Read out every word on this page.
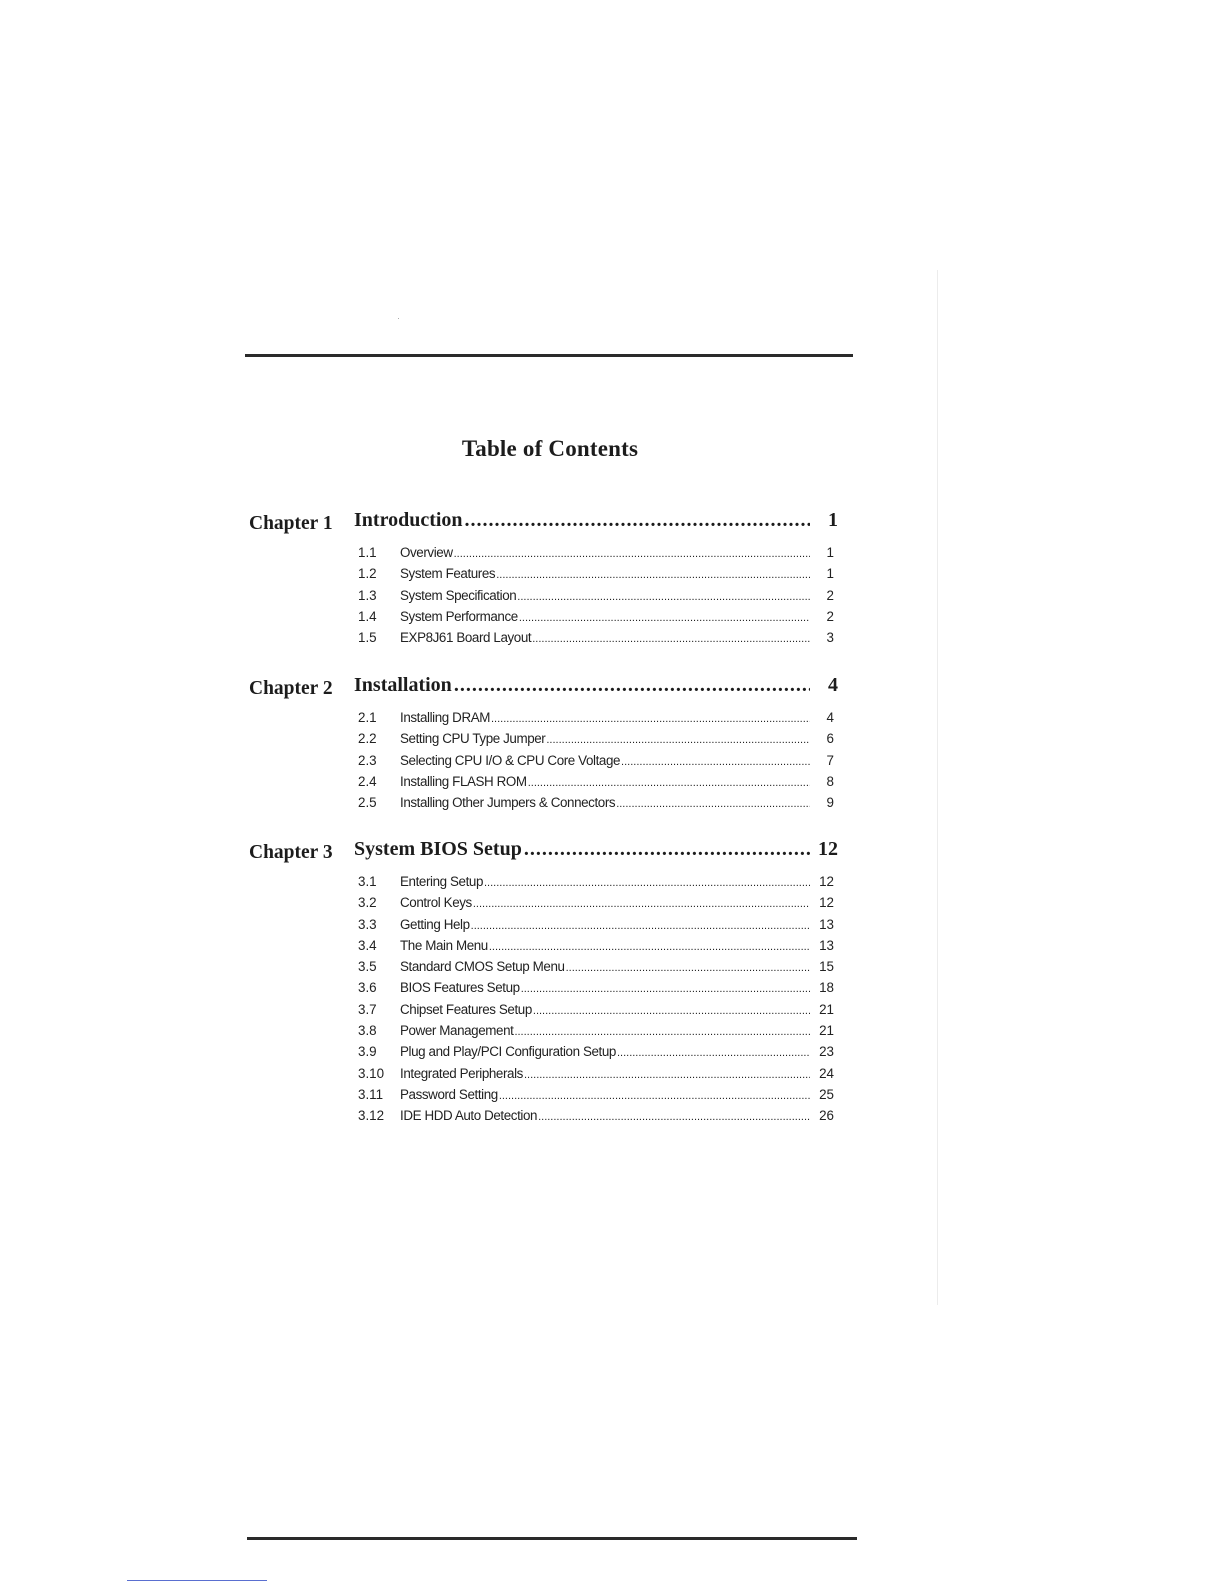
Table of Contents
Chapter 1 Introduction .....	1
1.1 Overview .....	1
1.2 System Features .....	1
1.3 System Specification .....	2
1.4 System Performance .....	2
1.5 EXP8J61 Board Layout .....	3
Chapter 2 Installation .....	4
2.1 Installing DRAM .....	4
2.2 Setting CPU Type Jumper .....	6
2.3 Selecting CPU I/O & CPU Core Voltage .....	7
2.4 Installing FLASH ROM .....	8
2.5 Installing Other Jumpers & Connectors .....	9
Chapter 3 System BIOS Setup .....	12
3.1 Entering Setup .....	12
3.2 Control Keys .....	12
3.3 Getting Help .....	13
3.4 The Main Menu .....	13
3.5 Standard CMOS Setup Menu .....	15
3.6 BIOS Features Setup .....	18
3.7 Chipset Features Setup .....	21
3.8 Power Management .....	21
3.9 Plug and Play/PCI Configuration Setup .....	23
3.10 Integrated Peripherals .....	24
3.11 Password Setting .....	25
3.12 IDE HDD Auto Detection .....	26
